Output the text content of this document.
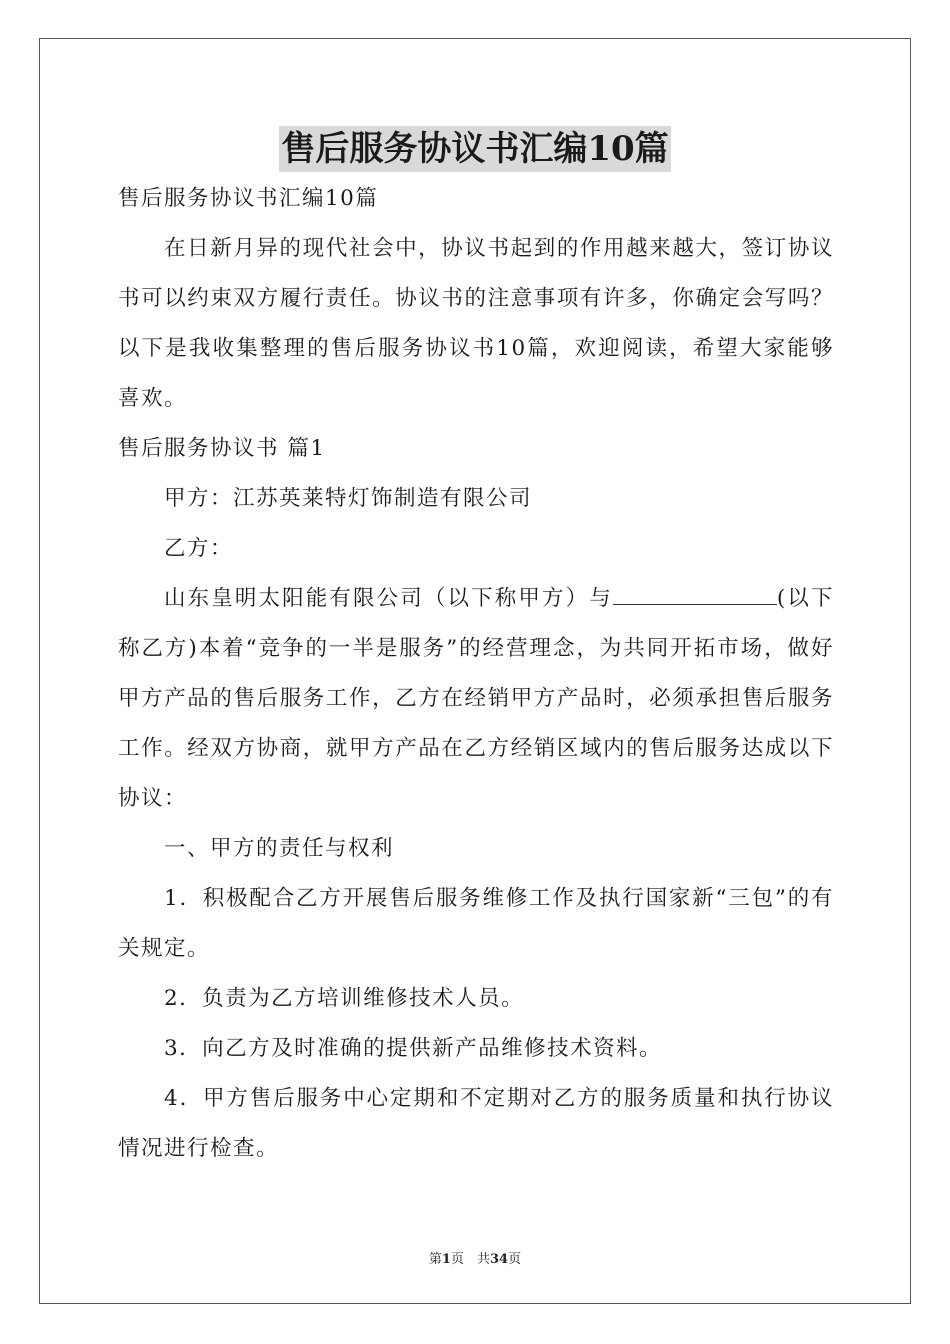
售后服务协议书汇编10篇

售后服务协议书汇编10篇

在日新月异的现代社会中，协议书起到的作用越来越大，签订协议书可以约束双方履行责任。协议书的注意事项有许多，你确定会写吗？以下是我收集整理的售后服务协议书10篇，欢迎阅读，希望大家能够喜欢。

售后服务协议书 篇1

甲方：江苏英莱特灯饰制造有限公司

乙方：

山东皇明太阳能有限公司（以下称甲方）与	(以下称乙方)本着“竞争的一半是服务”的经营理念，为共同开拓市场，做好甲方产品的售后服务工作，乙方在经销甲方产品时，必须承担售后服务工作。经双方协商，就甲方产品在乙方经销区域内的售后服务达成以下协议：

一、甲方的责任与权利

1．积极配合乙方开展售后服务维修工作及执行国家新“三包”的有关规定。

2．负责为乙方培训维修技术人员。

3．向乙方及时准确的提供新产品维修技术资料。

4．甲方售后服务中心定期和不定期对乙方的服务质量和执行协议情况进行检查。

第1页　共34页
